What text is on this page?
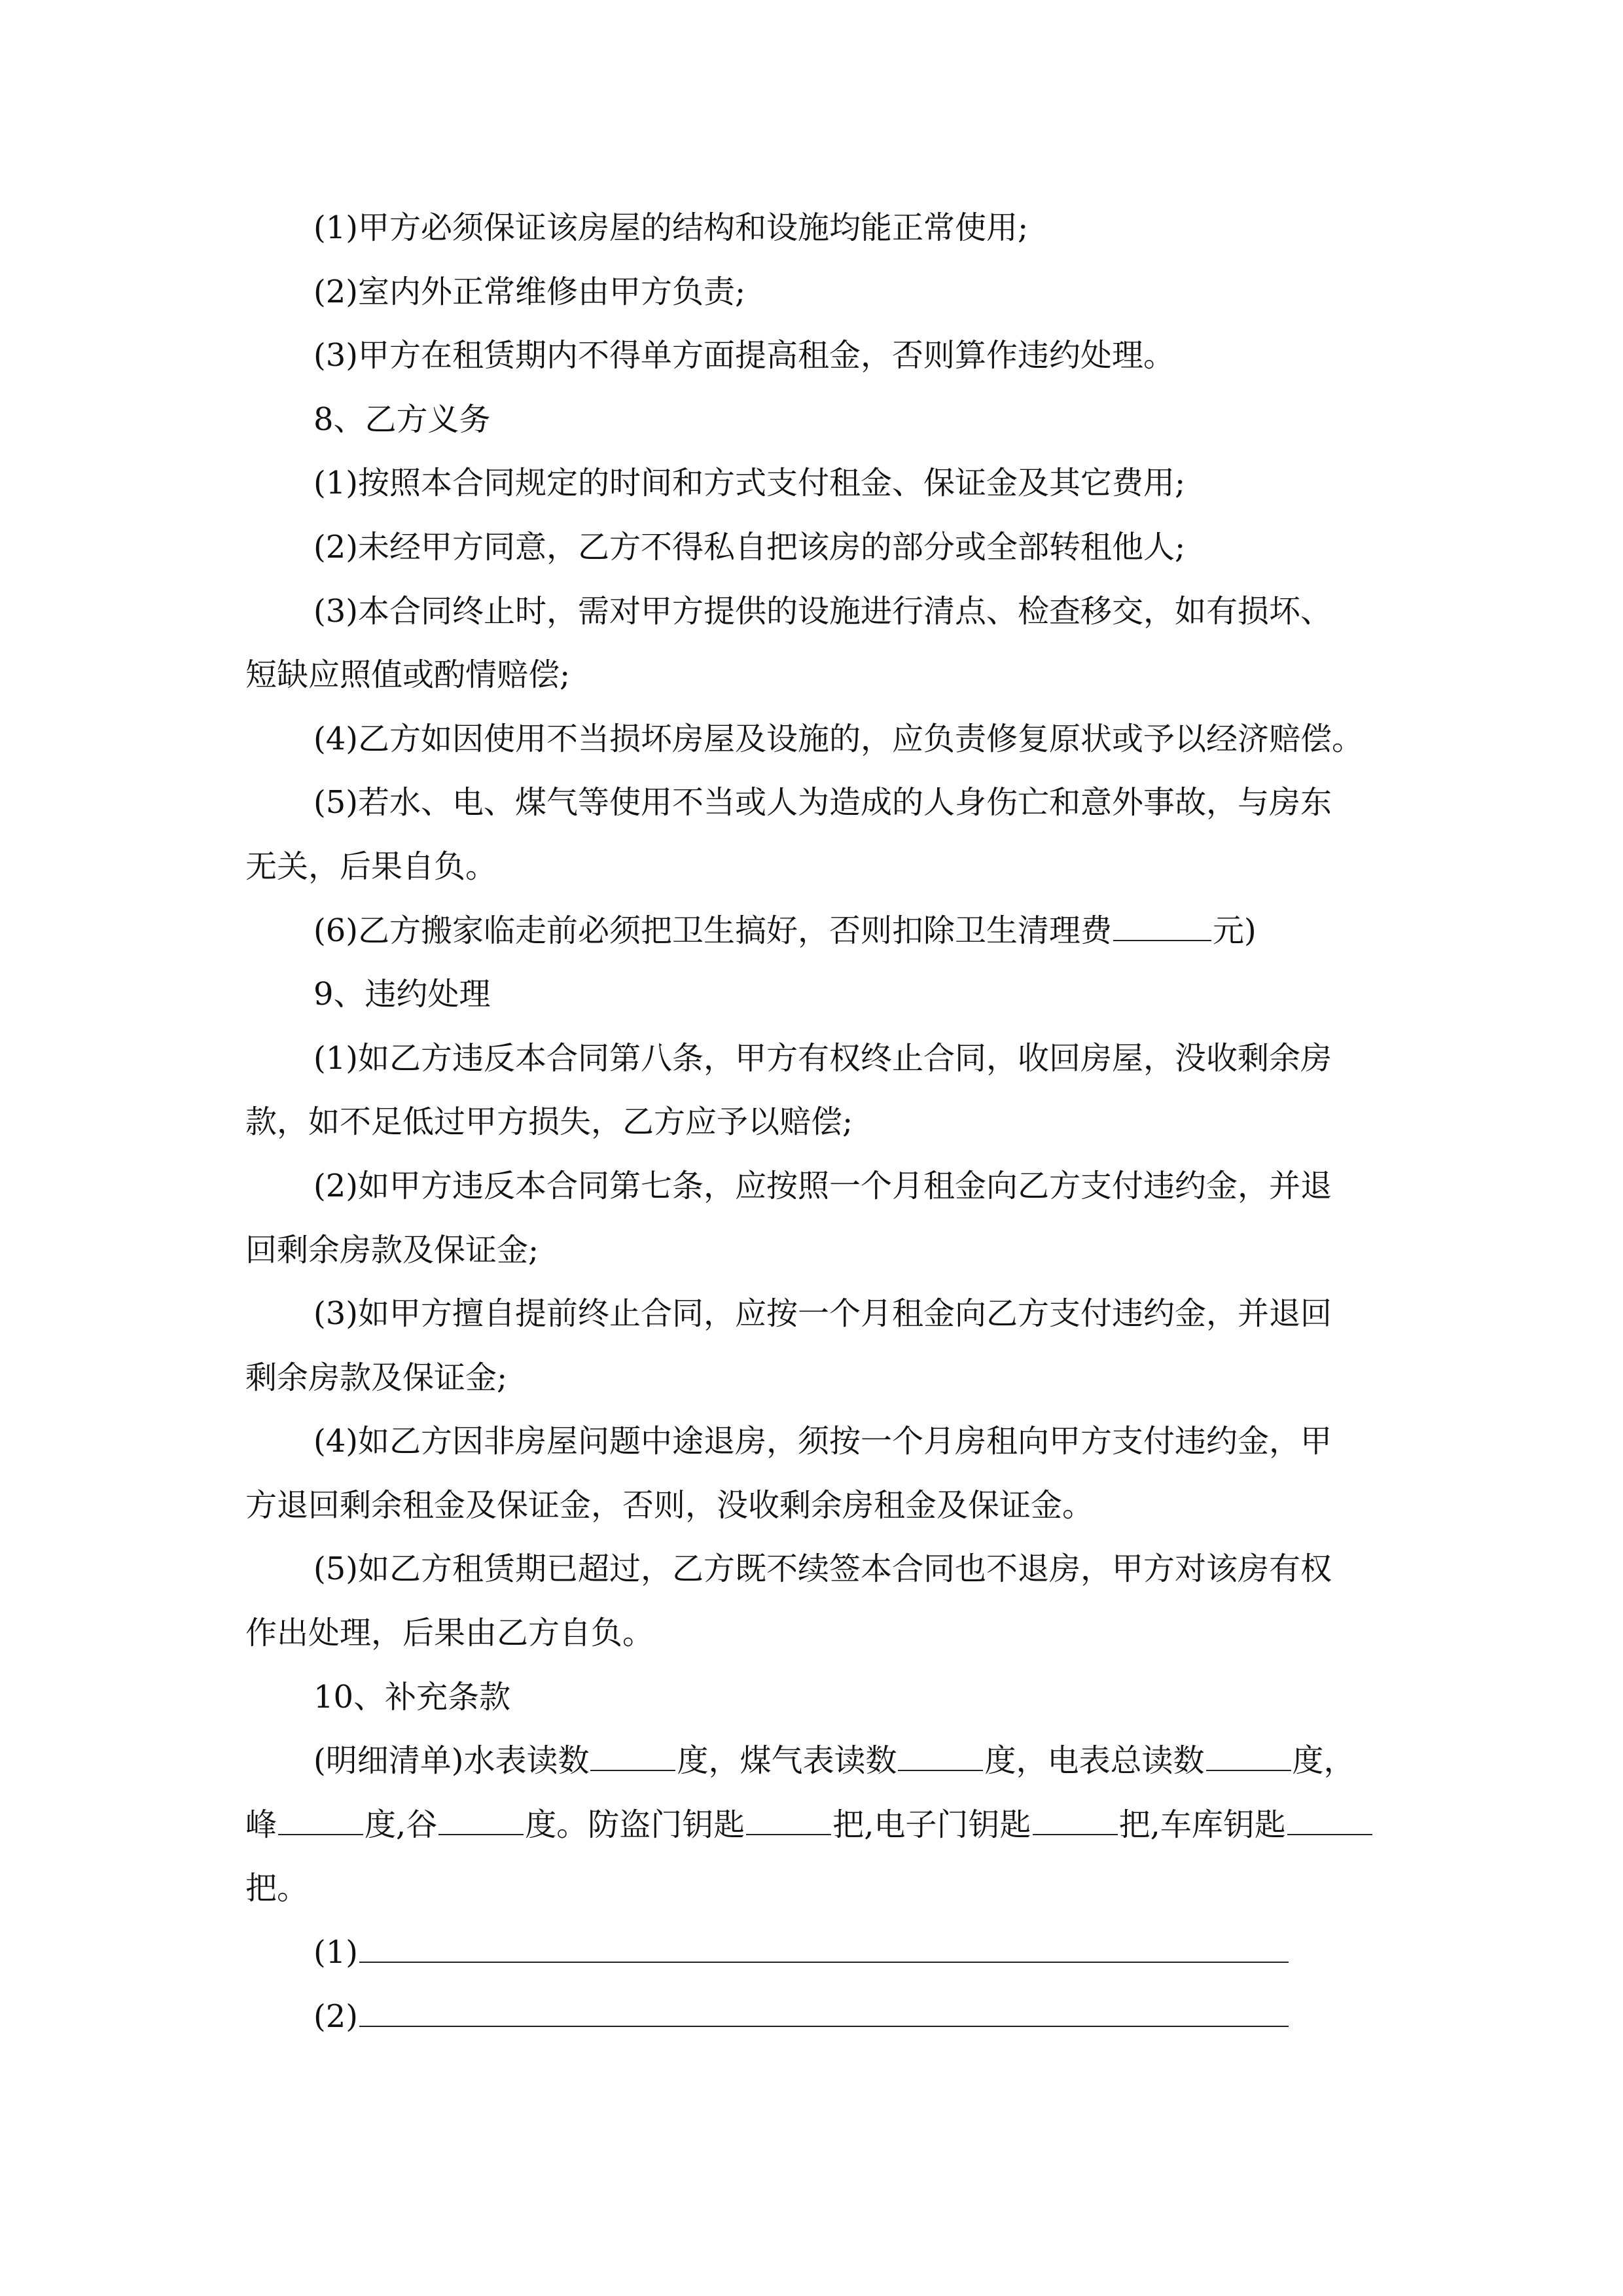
(1)甲方必须保证该房屋的结构和设施均能正常使用;
(2)室内外正常维修由甲方负责;
(3)甲方在租赁期内不得单方面提高租金，否则算作违约处理。
8、乙方义务
(1)按照本合同规定的时间和方式支付租金、保证金及其它费用;
(2)未经甲方同意，乙方不得私自把该房的部分或全部转租他人;
(3)本合同终止时，需对甲方提供的设施进行清点、检查移交，如有损坏、
短缺应照值或酌情赔偿;
(4)乙方如因使用不当损坏房屋及设施的，应负责修复原状或予以经济赔偿。
(5)若水、电、煤气等使用不当或人为造成的人身伤亡和意外事故，与房东
无关，后果自负。
(6)乙方搬家临走前必须把卫生搞好，否则扣除卫生清理费	元)
9、违约处理
(1)如乙方违反本合同第八条，甲方有权终止合同，收回房屋，没收剩余房
款，如不足低过甲方损失，乙方应予以赔偿;
(2)如甲方违反本合同第七条，应按照一个月租金向乙方支付违约金，并退
回剩余房款及保证金;
(3)如甲方擅自提前终止合同，应按一个月租金向乙方支付违约金，并退回
剩余房款及保证金;
(4)如乙方因非房屋问题中途退房，须按一个月房租向甲方支付违约金，甲
方退回剩余租金及保证金，否则，没收剩余房租金及保证金。
(5)如乙方租赁期已超过，乙方既不续签本合同也不退房，甲方对该房有权
作出处理，后果由乙方自负。
10、补充条款
(明细清单)水表读数	度，煤气表读数	度，电表总读数	度，
峰	度,谷	度。防盗门钥匙	把,电子门钥匙	把,车库钥匙
把。
(1)
(2)
